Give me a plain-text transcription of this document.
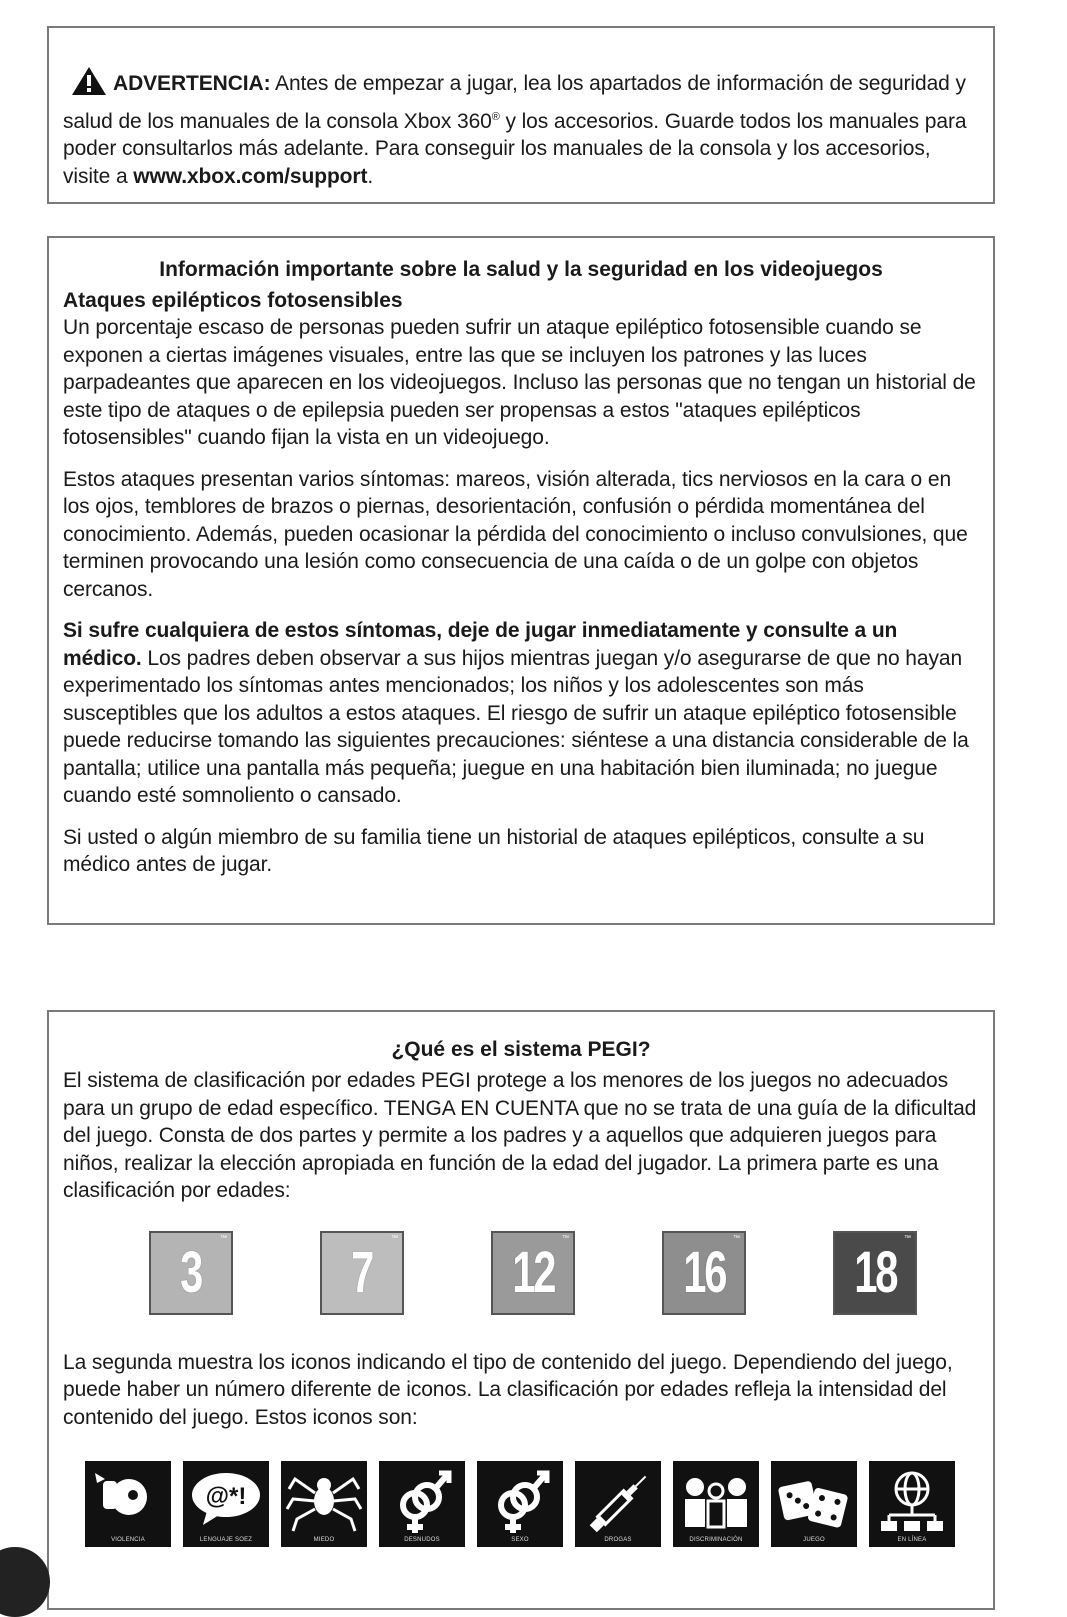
ADVERTENCIA: Antes de empezar a jugar, lea los apartados de información de seguridad y salud de los manuales de la consola Xbox 360® y los accesorios. Guarde todos los manuales para poder consultarlos más adelante. Para conseguir los manuales de la consola y los accesorios, visite a www.xbox.com/support.

Información importante sobre la salud y la seguridad en los videojuegos

Ataques epilépticos fotosensibles

Un porcentaje escaso de personas pueden sufrir un ataque epiléptico fotosensible cuando se exponen a ciertas imágenes visuales, entre las que se incluyen los patrones y las luces parpadeantes que aparecen en los videojuegos. Incluso las personas que no tengan un historial de este tipo de ataques o de epilepsia pueden ser propensas a estos "ataques epilépticos fotosensibles" cuando fijan la vista en un videojuego.

Estos ataques presentan varios síntomas: mareos, visión alterada, tics nerviosos en la cara o en los ojos, temblores de brazos o piernas, desorientación, confusión o pérdida momentánea del conocimiento. Además, pueden ocasionar la pérdida del conocimiento o incluso convulsiones, que terminen provocando una lesión como consecuencia de una caída o de un golpe con objetos cercanos.

Si sufre cualquiera de estos síntomas, deje de jugar inmediatamente y consulte a un médico. Los padres deben observar a sus hijos mientras juegan y/o asegurarse de que no hayan experimentado los síntomas antes mencionados; los niños y los adolescentes son más susceptibles que los adultos a estos ataques. El riesgo de sufrir un ataque epiléptico fotosensible puede reducirse tomando las siguientes precauciones: siéntese a una distancia considerable de la pantalla; utilice una pantalla más pequeña; juegue en una habitación bien iluminada; no juegue cuando esté somnoliento o cansado.

Si usted o algún miembro de su familia tiene un historial de ataques epilépticos, consulte a su médico antes de jugar.

¿Qué es el sistema PEGI?

El sistema de clasificación por edades PEGI protege a los menores de los juegos no adecuados para un grupo de edad específico. TENGA EN CUENTA que no se trata de una guía de la dificultad del juego. Consta de dos partes y permite a los padres y a aquellos que adquieren juegos para niños, realizar la elección apropiada en función de la edad del jugador. La primera parte es una clasificación por edades:

™
3
™
7
™
12
™
16
™
18

La segunda muestra los iconos indicando el tipo de contenido del juego. Dependiendo del juego, puede haber un número diferente de iconos. La clasificación por edades refleja la intensidad del contenido del juego. Estos iconos son:

VIOLENCIA
@*!
LENGUAJE SOEZ	MIEDO	DESNUDOS	SEXO	DROGAS	DISCRIMINACIÓN	JUEGO	EN LÍNEA
